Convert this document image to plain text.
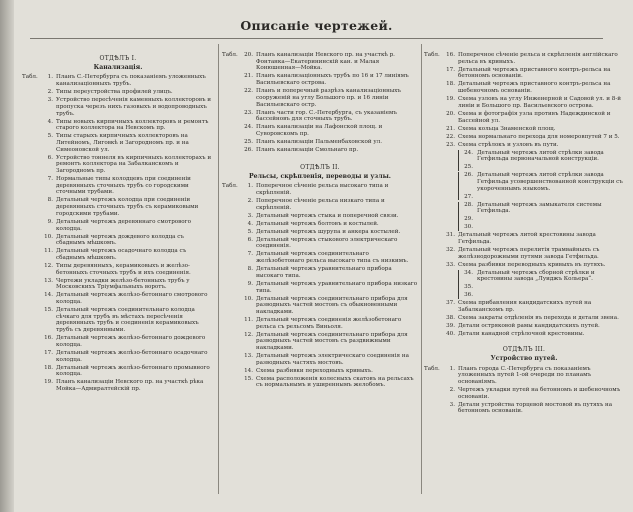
Описаніе чертежей.
ОТДѢЛЪ I.
Канализація.
Табл.	1. Планъ С.-Петербурга съ показаніемъ уложенныхъ канализаціонныхъ трубъ.
2. Типы переустройства профилей улицъ.
3. Устройство пересѣченія каменныхъ коллекторовъ и пропуска черезъ нихъ газовыхъ и водопроводныхъ трубъ.
4. Типы новыхъ кирпичныхъ коллекторовъ и ремонтъ старого коллектора на Невскомъ пр.
5. Типы старыхъ кирпичныхъ коллекторовъ на Литейномъ, Лиговкѣ и Загородномъ пр. и на Симеоновской ул.
6. Устройство тоннеля въ кирпичныхъ коллекторахъ и ремонтъ коллектора на Забалканскомъ и Загородномъ пр.
7. Нормальные типы колодцевъ при соединеніи деревянныхъ сточныхъ трубъ со городскими сточными трубами.
8. Детальный чертежъ колодца при соединеніи деревянныхъ сточныхъ трубъ съ керамиковыми городскими трубами.
9. Детальный чертежъ деревяннаго смотрового колодца.
10. Детальный чертежъ дождевого колодца съ сбаднымъ мѣшкомъ.
11. Детальный чертежъ осадочнаго колодца съ сбаднымъ мѣшкомъ.
12. Типы деревянныхъ, керамиковыхъ и желѣзо-бетонныхъ сточныхъ трубъ и ихъ соединенія.
13. Чертежи укладки желѣзо-бетонныхъ трубъ у Московскихъ Тріумфальныхъ воротъ.
14. Детальный чертежъ желѣзо-бетоннаго смотрового колодца.
15. Детальный чертежъ соединительнаго колодца сѣчкаго для трубъ въ мѣстахъ пересѣченія деревянныхъ трубъ и соединенія керамиковыхъ трубъ съ деревянными.
16. Детальный чертежъ желѣзо-бетоннаго дождевого колодца.
17. Детальный чертежъ желѣзо-бетоннаго осадочнаго колодца.
18. Детальный чертежъ желѣзо-бетоннаго промывного колодца.
19. Планъ канализаціи Невского пр. на участкѣ рѣка Мойка—Адмиралтейскій пр.
Табл.	20. Планъ канализаціи Невского пр. на участкѣ р. Фонтанка—Екатерининскій кан. и Малая Конюшенная—Мойка.
21. Планъ канализаціонныхъ трубъ по 16 и 17 линіямъ Васильевскаго острова.
22. Планъ и поперечный разрѣзъ канализаціонныхъ сооруженій на углу Большого пр. и 16 линіи Васильевскаго остр.
23. Планъ части гор. С.-Петербурга, съ указаніемъ бассейновъ для сточныхъ трубъ.
24. Планъ канализаціи на Лафонской площ. и Суворовскомъ пр.
25. Планъ канализаціи Пальменбаховской ул.
26. Планъ канализаціи Смольнаго пр.
ОТДѢЛЪ II.
Рельсы, скрѣпленія, переводы и узлы.
Табл.	1. Поперечное сѣченіе рельса высокаго типа и скрѣпленій.
2. Поперечное сѣченіе рельса низкаго типа и скрѣпленій.
3. Детальный чертежъ стыка и поперечной связи.
4. Детальный чертежъ болтовъ и костылей.
5. Детальный чертежъ шурупа и анкера костылей.
6. Детальный чертежъ стыкового электрическаго соединенія.
7. Детальный чертежъ соединительнаго желѣзобетонаго рельса высокаго типа съ низкимъ.
8. Детальный чертежъ уравнительнаго прибора высокаго типа.
9. Детальный чертежъ уравнительнаго прибора низкаго типа.
10. Детальный чертежъ соединительнаго прибора для разводныхъ частей мостовъ съ обыкновенными накладками.
11. Детальный чертежъ соединенія желѣзобетонаго рельса съ рельсомъ Виньоля.
12. Детальный чертежъ соединительнаго прибора для разводныхъ частей мостовъ съ раздвижными накладками.
13. Детальный чертежъ электрическаго соединенія на разводныхъ частяхъ мостовъ.
14. Схема разбивки переходныхъ кривыхъ.
15. Схема расположенія колесныхъ скатовъ на рельсахъ съ нормальнымъ и уширеннымъ желобомъ.
Табл.	16. Поперечное сѣченіе рельса и скрѣпленія англійскаго рельса въ кривыхъ.
17. Детальный чертежъ приставного контръ-рельса на бетонномъ основаніи.
18. Детальный чертежъ приставного контръ-рельса на шебеночномъ основаніи.
19. Схема узловъ на углу Инженерной и Садовой ул. и 8-й линіи и Большого пр. Васильевского острова.
20. Схема и фотографія узла противъ Надеждинской и Бассейной ул.
21. Схема кольца Знаменской площ.
22. Схема нормальнаго перехода для номеровпутей 7 и 5.
23. Схема стрѣлокъ и узловъ въ пути.
24. Детальный чертежъ литой стрѣлки завода Гетфильда первоначальной конструкціи.
25.

26. Детальный чертежъ литой стрѣлки завода Гетфильда усовершенствованной конструкціи съ укороченнымъ языкомъ.
27.

28. Детальный чертежъ замыкателя системы Гетфильда.
29.

30.

31. Детальный чертежъ литой крестовины завода Гетфильда.
32. Детальный чертежъ перелитія трамвайныхъ съ желѣзнодорожными путями завода Гетфильда.
33. Схема разбивки переводныхъ кривыхъ въ путяхъ.
34. Детальный чертежъ сборной стрѣлки и крестовины завода „Луиджъ Кольера“.
35.

36.

37. Схема прибавления кандидатскихъ путей на Забалканскомъ пр.
38. Схема закраты отдѣленія въ перехода и детали звена.
39. Детали остряковой рамы кандидатскихъ путей.
40. Детали канадной стрѣлочной крестовины.
ОТДѢЛЪ III.
Устройство путей.
Табл.	1. Планъ города С.-Петербурга съ показаніемъ уложенныхъ путей 1-ой очереди по планамъ основаніямъ.
2. Чертежъ укладки путей на бетонномъ и шебеночномъ основаніи.
3. Детали устройства торцевой мостовой въ путяхъ на бетонномъ основаніи.
